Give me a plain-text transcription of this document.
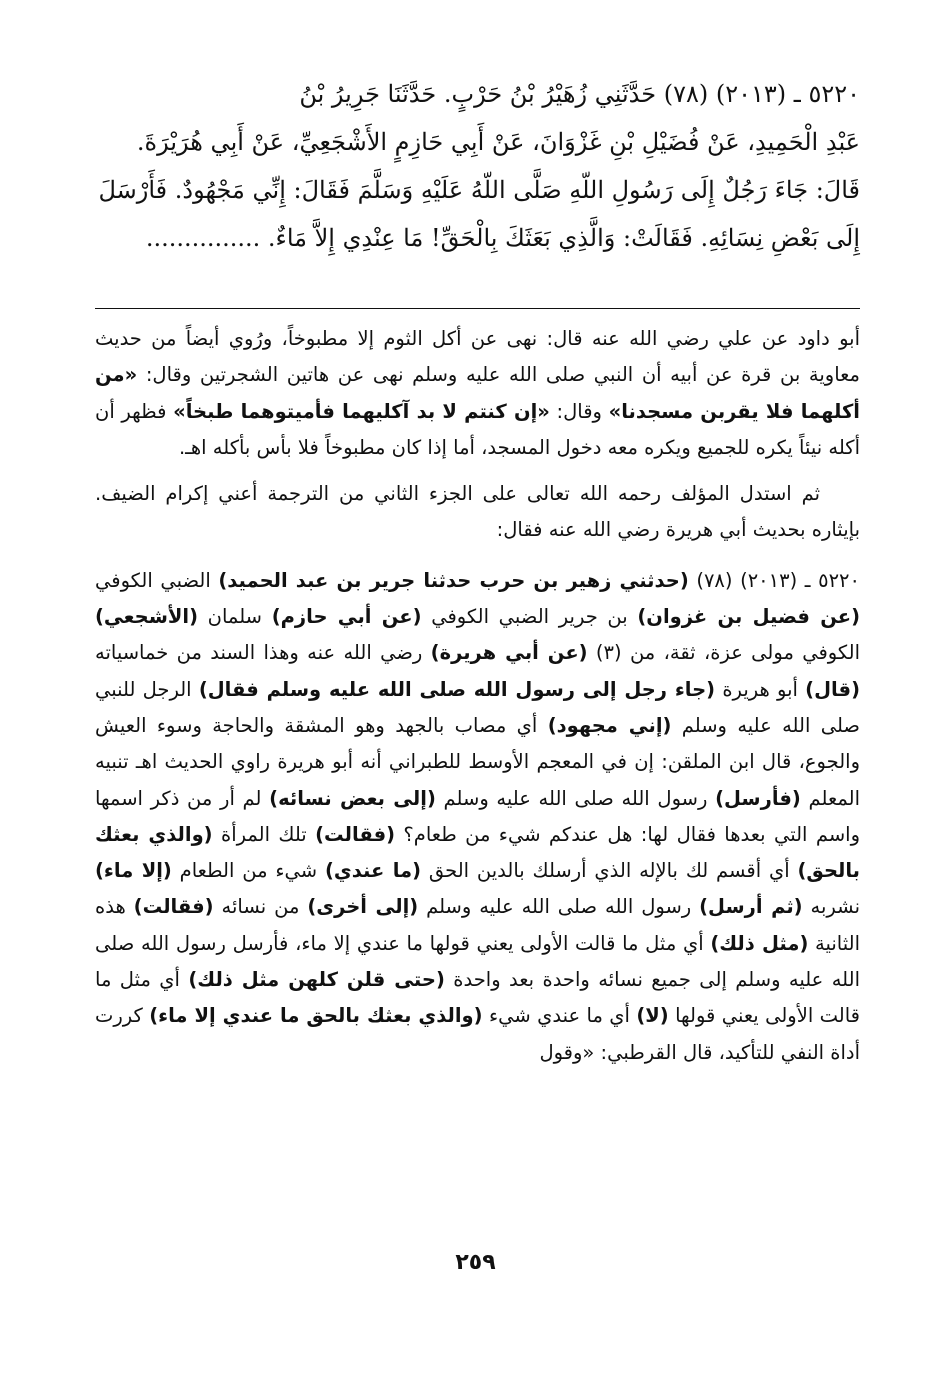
٥٢٢٠ ـ (٢٠١٣) (٧٨) حَدَّثَنِي زُهَيْرُ بْنُ حَرْبٍ. حَدَّثَنَا جَرِيرُ بْنُ
عَبْدِ الْحَمِيدِ، عَنْ فُضَيْلِ بْنِ غَزْوَانَ، عَنْ أَبِي حَازِمٍ الأَشْجَعِيِّ، عَنْ أَبِي هُرَيْرَةَ.
قَالَ: جَاءَ رَجُلٌ إِلَى رَسُولِ اللّهِ صَلَّى اللّهُ عَلَيْهِ وَسَلَّمَ فَقَالَ: إِنِّي مَجْهُودٌ. فَأَرْسَلَ
إِلَى بَعْضِ نِسَائِهِ. فَقَالَتْ: وَالَّذِي بَعَثَكَ بِالْحَقِّ! مَا عِنْدِي إِلاَّ مَاءٌ. ...............

أبو داود عن علي رضي الله عنه قال: نهى عن أكل الثوم إلا مطبوخاً، ورُوي أيضاً من حديث معاوية بن قرة عن أبيه أن النبي صلى الله عليه وسلم نهى عن هاتين الشجرتين وقال: «من أكلهما فلا يقربن مسجدنا» وقال: «إن كنتم لا بد آكليهما فأميتوهما طبخاً» فظهر أن أكله نيئاً يكره للجميع ويكره معه دخول المسجد، أما إذا كان مطبوخاً فلا بأس بأكله اهـ.

ثم استدل المؤلف رحمه الله تعالى على الجزء الثاني من الترجمة أعني إكرام الضيف. بإيثاره بحديث أبي هريرة رضي الله عنه فقال:

٥٢٢٠ ـ (٢٠١٣) (٧٨) (حدثني زهير بن حرب حدثنا جرير بن عبد الحميد) الضبي الكوفي (عن فضيل بن غزوان) بن جرير الضبي الكوفي (عن أبي حازم) سلمان (الأشجعي) الكوفي مولى عزة، ثقة، من (٣) (عن أبي هريرة) رضي الله عنه وهذا السند من خماسياته (قال) أبو هريرة (جاء رجل إلى رسول الله صلى الله عليه وسلم فقال) الرجل للنبي صلى الله عليه وسلم (إني مجهود) أي مصاب بالجهد وهو المشقة والحاجة وسوء العيش والجوع، قال ابن الملقن: إن في المعجم الأوسط للطبراني أنه أبو هريرة راوي الحديث اهـ تنبيه المعلم (فأرسل) رسول الله صلى الله عليه وسلم (إلى بعض نسائه) لم أر من ذكر اسمها واسم التي بعدها فقال لها: هل عندكم شيء من طعام؟ (فقالت) تلك المرأة (والذي بعثك بالحق) أي أقسم لك بالإله الذي أرسلك بالدين الحق (ما عندي) شيء من الطعام (إلا ماء) نشربه (ثم أرسل) رسول الله صلى الله عليه وسلم (إلى أخرى) من نسائه (فقالت) هذه الثانية (مثل ذلك) أي مثل ما قالت الأولى يعني قولها ما عندي إلا ماء، فأرسل رسول الله صلى الله عليه وسلم إلى جميع نسائه واحدة بعد واحدة (حتى قلن كلهن مثل ذلك) أي مثل ما قالت الأولى يعني قولها (لا) أي ما عندي شيء (والذي بعثك بالحق ما عندي إلا ماء) كررت أداة النفي للتأكيد، قال القرطبي: «وقول

٢٥٩
